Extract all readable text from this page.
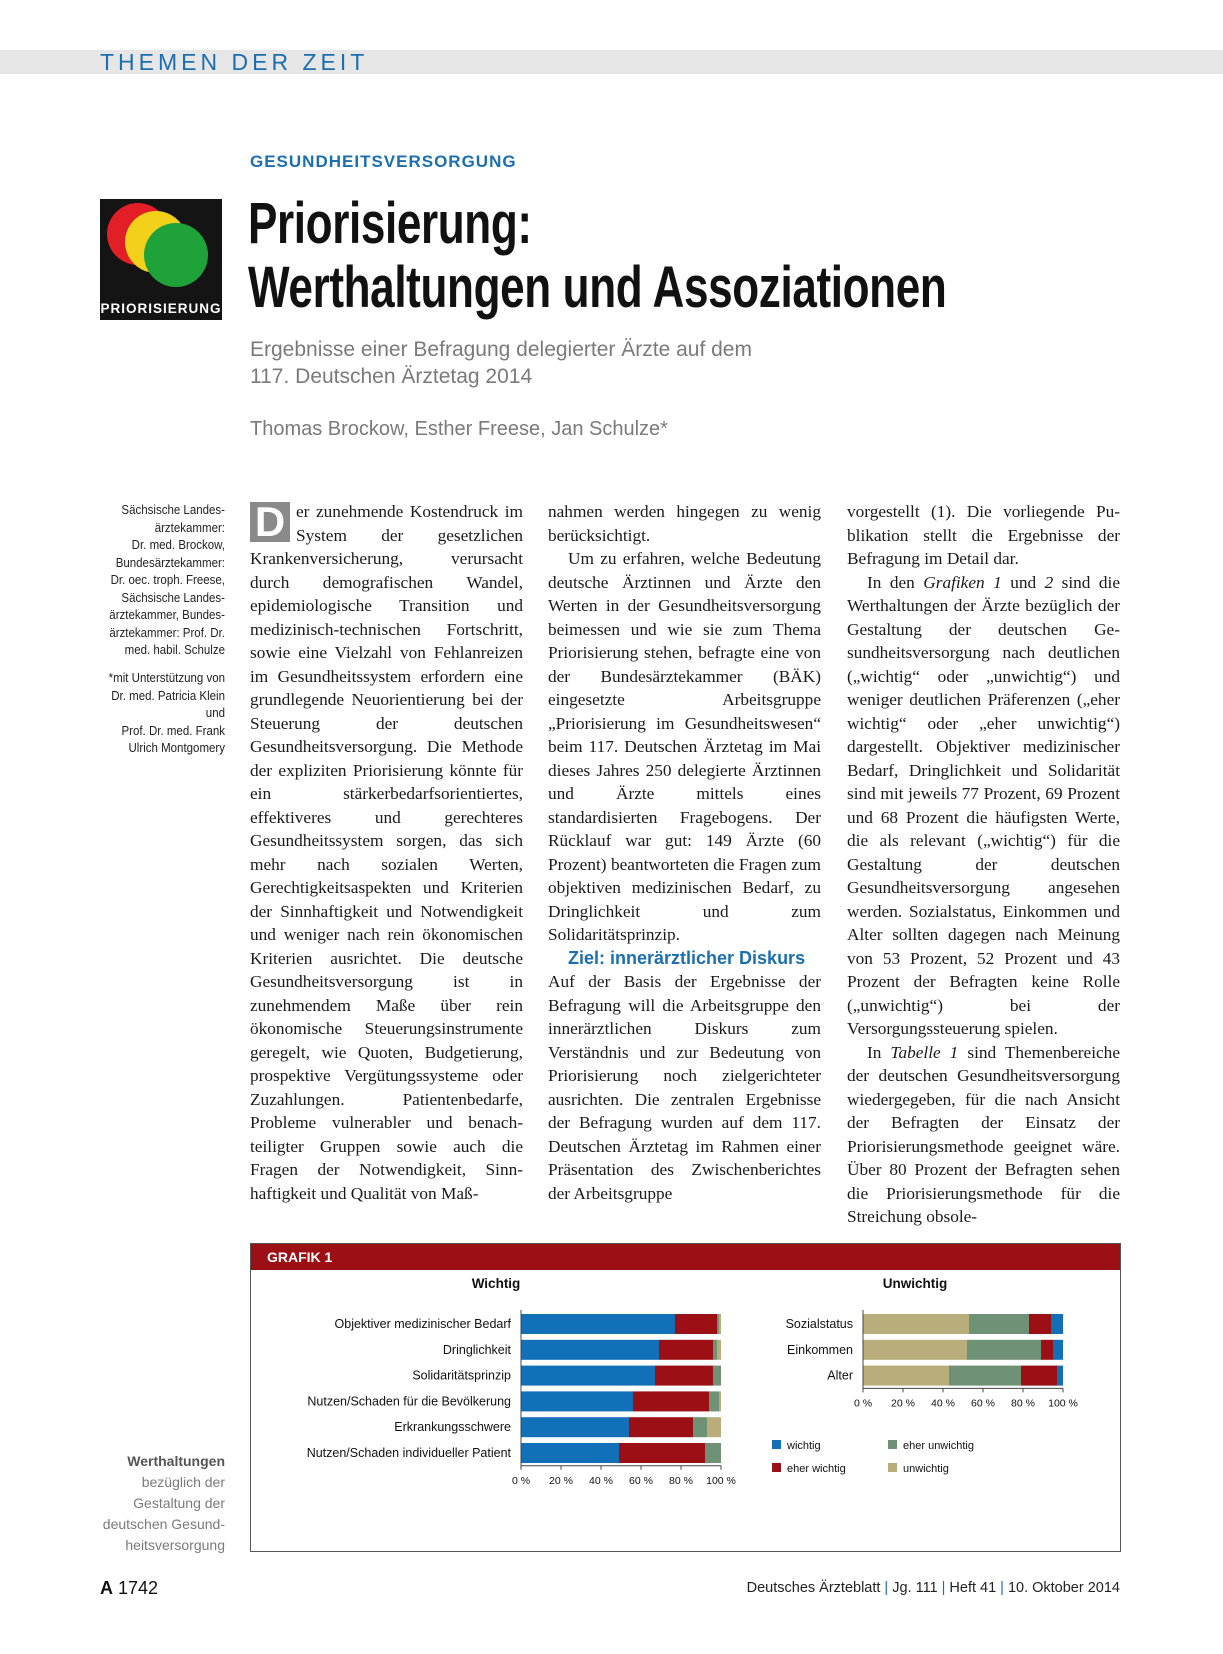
THEMEN DER ZEIT
GESUNDHEITSVERSORGUNG
PRIORISIERUNG
Priorisierung:
Werthaltungen und Assoziationen
Ergebnisse einer Befragung delegierter Ärzte auf dem
117. Deutschen Ärztetag 2014
Thomas Brockow, Esther Freese, Jan Schulze*
Sächsische Landes-
ärztekammer:
Dr. med. Brockow,
Bundesärztekammer:
Dr. oec. troph. Freese,
Sächsische Landes-
ärztekammer, Bundes-
ärztekammer: Prof. Dr.
med. habil. Schulze
*mit Unterstützung von
Dr. med. Patricia Klein
und
Prof. Dr. med. Frank
Ulrich Montgomery

D er zunehmende Kostendruck im System der gesetzlichen Krankenversicherung, verursacht durch demografischen Wandel, epidemiologische Transition und medizinisch-technischen Fortschritt, sowie eine Vielzahl von Fehlanreizen im Gesundheitssystem erfordern eine grundlegende Neuorientierung bei der Steuerung der deutschen Gesundheitsversorgung. Die Methode der expliziten Priorisierung könnte für ein stärkerbedarfsorientiertes, effektiveres und gerechteres Gesundheitssystem sorgen, das sich mehr nach sozialen Werten, Gerechtigkeitsaspekten und Kriterien der Sinnhaftigkeit und Notwendigkeit und weniger nach rein ökonomischen Kriterien ausrichtet. Die deutsche Gesundheitsversorgung ist in zunehmendem Maße über rein ökonomische Steuerungsinstrumente geregelt, wie Quoten, Budgetierung, prospektive Vergütungssysteme oder Zuzahlungen. Patientenbedarfe, Probleme vulnerabler und benachteiligter Gruppen sowie auch die Fragen der Notwendigkeit, Sinnhaftigkeit und Qualität von Maß-

nahmen werden hingegen zu wenig berücksichtigt.

Um zu erfahren, welche Bedeutung deutsche Ärztinnen und Ärzte den Werten in der Gesundheitsversorgung beimessen und wie sie zum Thema Priorisierung stehen, befragte eine von der Bundesärztekammer (BÄK) eingesetzte Arbeitsgruppe „Priorisierung im Gesundheitswesen“ beim 117. Deutschen Ärztetag im Mai dieses Jahres 250 delegierte Ärztinnen und Ärzte mittels eines standardisierten Fragebogens. Der Rücklauf war gut: 149 Ärzte (60 Prozent) beantworteten die Fragen zum objektiven medizinischen Bedarf, zu Dringlichkeit und zum Solidaritätsprinzip.

Ziel: innerärztlicher Diskurs

Auf der Basis der Ergebnisse der Befragung will die Arbeitsgruppe den innerärztlichen Diskurs zum Verständnis und zur Bedeutung von Priorisierung noch zielgerichteter ausrichten. Die zentralen Ergebnisse der Befragung wurden auf dem 117. Deutschen Ärztetag im Rahmen einer Präsentation des Zwischenberichtes der Arbeitsgruppe

vorgestellt (1). Die vorliegende Publikation stellt die Ergebnisse der Befragung im Detail dar.

In den Grafiken 1 und 2 sind die Werthaltungen der Ärzte bezüglich der Gestaltung der deutschen Gesundheitsversorgung nach deutlichen („wichtig“ oder „unwichtig“) und weniger deutlichen Präferenzen („eher wichtig“ oder „eher unwichtig“) dargestellt. Objektiver medizinischer Bedarf, Dringlichkeit und Solidarität sind mit jeweils 77 Prozent, 69 Prozent und 68 Prozent die häufigsten Werte, die als relevant („wichtig“) für die Gestaltung der deutschen Gesundheitsversorgung angesehen werden. Sozialstatus, Einkommen und Alter sollten dagegen nach Meinung von 53 Prozent, 52 Prozent und 43 Prozent der Befragten keine Rolle („unwichtig“) bei der Versorgungssteuerung spielen.

In Tabelle 1 sind Themenbereiche der deutschen Gesundheitsversorgung wiedergegeben, für die nach Ansicht der Befragten der Einsatz der Priorisierungsmethode geeignet wäre. Über 80 Prozent der Befragten sehen die Priorisierungsmethode für die Streichung obsole-

GRAFIK 1
Wichtig
Objektiver medizinischer Bedarf
Dringlichkeit
Solidaritätsprinzip
Nutzen/Schaden für die Bevölkerung
Erkrankungsschwere
Nutzen/Schaden individueller Patient
0 % 20 % 40 % 60 % 80 % 100 %
Unwichtig
Sozialstatus
Einkommen
Alter
0 % 20 % 40 % 60 % 80 % 100 %
wichtig	eher unwichtig
eher wichtig	unwichtig
Werthaltungen
bezüglich der
Gestaltung der
deutschen Gesund-
heitsversorgung
A 1742	Deutsches Ärzteblatt | Jg. 111 | Heft 41 | 10. Oktober 2014
